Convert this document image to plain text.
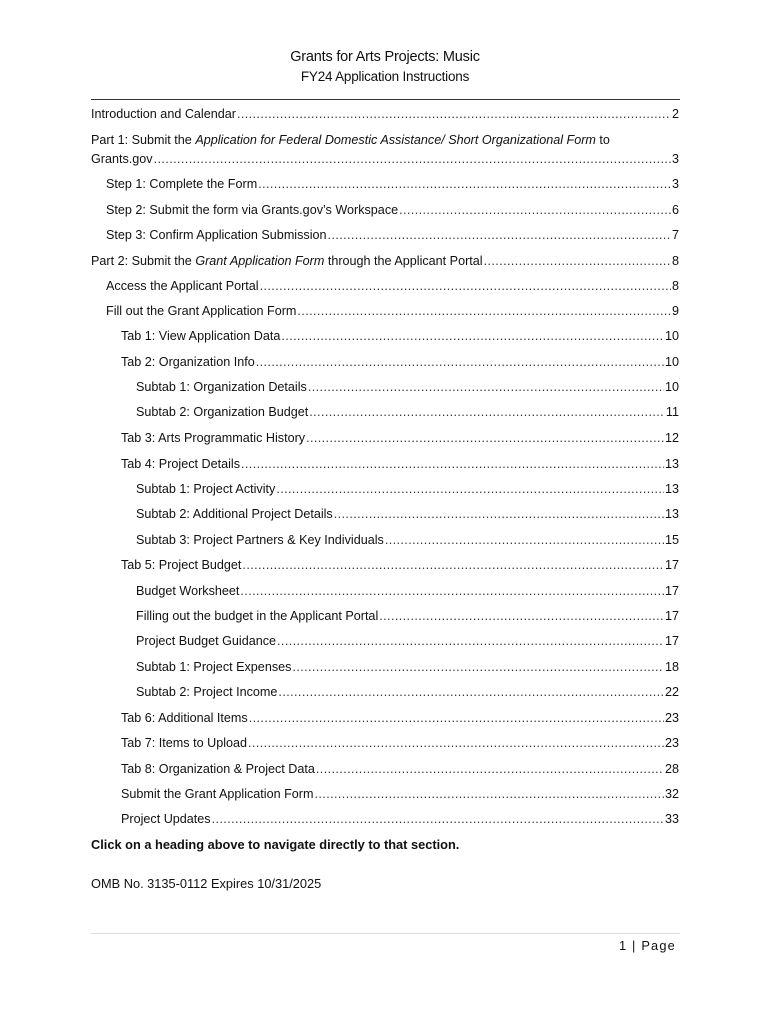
Grants for Arts Projects: Music
FY24 Application Instructions
Introduction and Calendar .....	2
Part 1: Submit the Application for Federal Domestic Assistance/ Short Organizational Form to
Grants.gov .....	3
Step 1: Complete the Form .....	3
Step 2: Submit the form via Grants.gov’s Workspace .....	6
Step 3: Confirm Application Submission .....	7
Part 2: Submit the Grant Application Form through the Applicant Portal .....	8
Access the Applicant Portal .....	8
Fill out the Grant Application Form .....	9
Tab 1: View Application Data .....	10
Tab 2: Organization Info .....	10
Subtab 1: Organization Details .....	10
Subtab 2: Organization Budget .....	11
Tab 3: Arts Programmatic History .....	12
Tab 4: Project Details .....	13
Subtab 1: Project Activity .....	13
Subtab 2: Additional Project Details .....	13
Subtab 3: Project Partners & Key Individuals .....	15
Tab 5: Project Budget .....	17
Budget Worksheet .....	17
Filling out the budget in the Applicant Portal .....	17
Project Budget Guidance .....	17
Subtab 1: Project Expenses .....	18
Subtab 2: Project Income .....	22
Tab 6: Additional Items .....	23
Tab 7: Items to Upload .....	23
Tab 8: Organization & Project Data .....	28
Submit the Grant Application Form .....	32
Project Updates .....	33
Click on a heading above to navigate directly to that section.
OMB No. 3135-0112 Expires 10/31/2025
1 | Page
